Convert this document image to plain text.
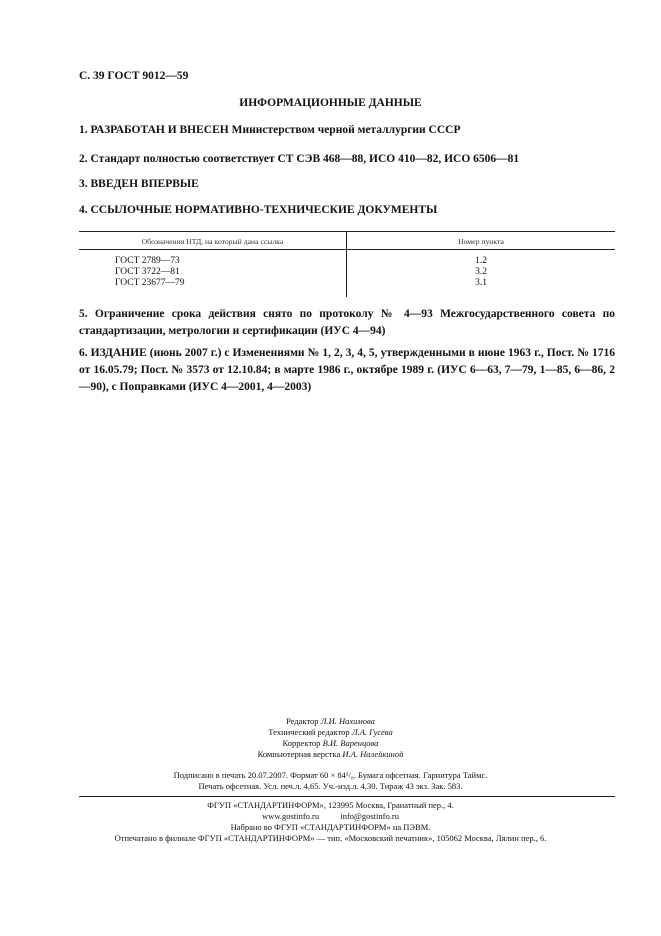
С. 39 ГОСТ 9012—59
ИНФОРМАЦИОННЫЕ ДАННЫЕ
1. РАЗРАБОТАН И ВНЕСЕН Министерством черной металлургии СССР
2. Стандарт полностью соответствует СТ СЭВ 468—88, ИСО 410—82, ИСО 6506—81
3. ВВЕДЕН ВПЕРВЫЕ
4. ССЫЛОЧНЫЕ НОРМАТИВНО-ТЕХНИЧЕСКИЕ ДОКУМЕНТЫ
Обозначения НТД, на который дана ссылка	Номер пункта
ГОСТ 2789—73	1.2
ГОСТ 3722—81	3.2
ГОСТ 23677—79	3.1
5. Ограничение срока действия снято по протоколу № 4—93 Межгосударственного совета по стандартизации, метрологии и сертификации (ИУС 4—94)
6. ИЗДАНИЕ (июнь 2007 г.) с Изменениями № 1, 2, 3, 4, 5, утвержденными в июне 1963 г., Пост. № 1716 от 16.05.79; Пост. № 3573 от 12.10.84; в марте 1986 г., октябре 1989 г. (ИУС 6—63, 7—79, 1—85, 6—86, 2—90), с Поправками (ИУС 4—2001, 4—2003)
Редактор Л.И. Нахимова
Технический редактор Л.А. Гусева
Корректор В.И. Варенцова
Компьютерная верстка И.А. Налейкиной
Подписано в печать 20.07.2007. Формат 60 × 84¹/₈. Бумага офсетная. Гарнитура Таймс.
Печать офсетная. Усл. печ.л. 4,65. Уч.-изд.л. 4,30. Тираж 43 экз. Зак. 583.
ФГУП «СТАНДАРТИНФОРМ», 123995 Москва, Гранатный пер., 4.
www.gostinfo.ru          info@gostinfo.ru
Набрано во ФГУП «СТАНДАРТИНФОРМ» на ПЭВМ.
Отпечатано в филиале ФГУП «СТАНДАРТИНФОРМ» — тип. «Московский печатник», 105062 Москва, Лялин пер., 6.
